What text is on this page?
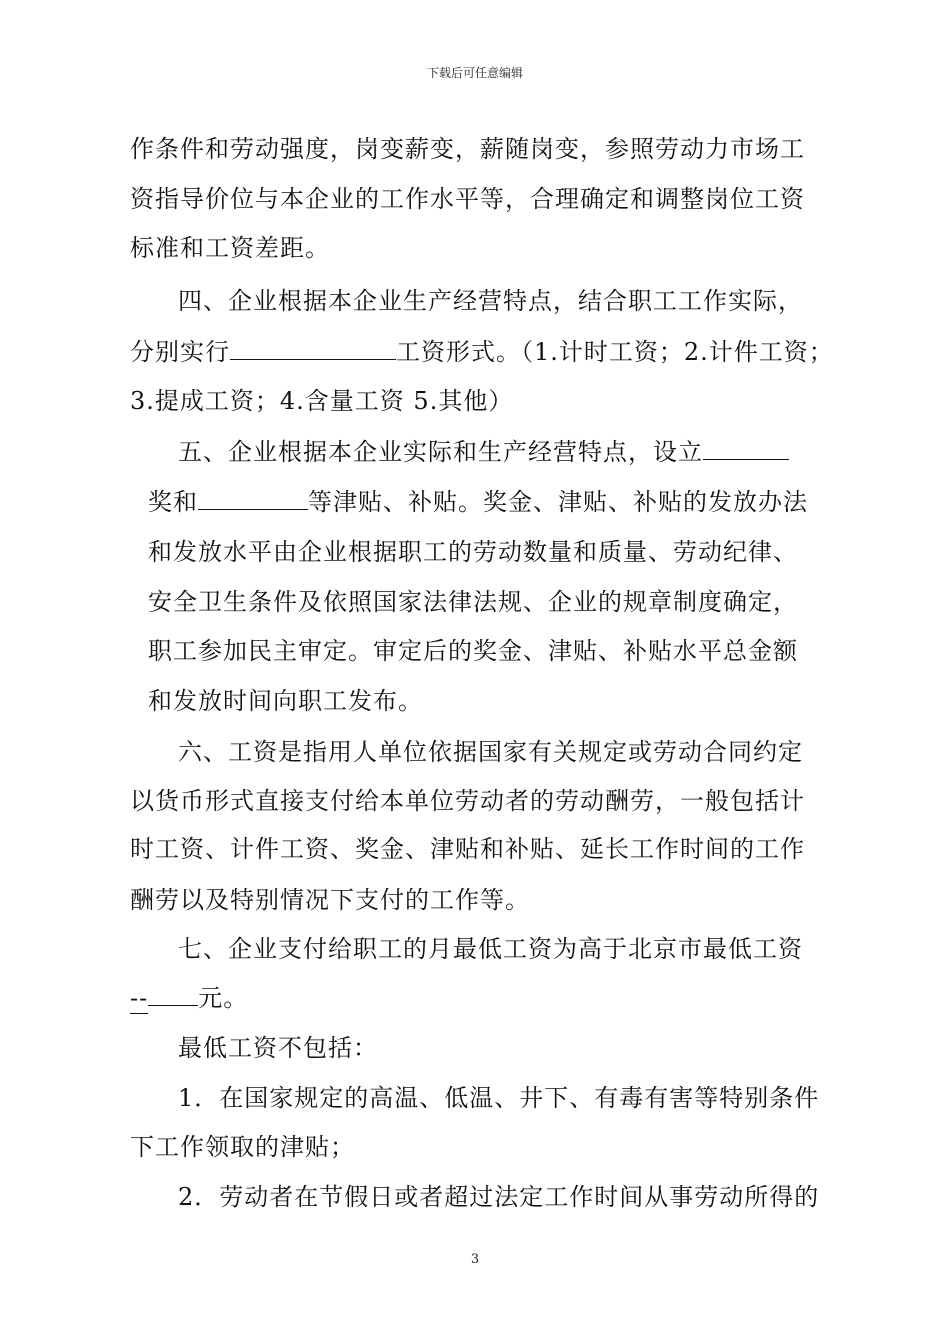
下载后可任意编辑
作条件和劳动强度，岗变薪变，薪随岗变，参照劳动力市场工
资指导价位与本企业的工作水平等，合理确定和调整岗位工资
标准和工资差距。
四、企业根据本企业生产经营特点，结合职工工作实际，
分别实行	工资形式。（1.计时工资；2.计件工资；
3.提成工资；4.含量工资 5.其他）
五、企业根据本企业实际和生产经营特点，设立
奖和	等津贴、补贴。奖金、津贴、补贴的发放办法
和发放水平由企业根据职工的劳动数量和质量、劳动纪律、
安全卫生条件及依照国家法律法规、企业的规章制度确定，
职工参加民主审定。审定后的奖金、津贴、补贴水平总金额
和发放时间向职工发布。
六、工资是指用人单位依据国家有关规定或劳动合同约定
以货币形式直接支付给本单位劳动者的劳动酬劳，一般包括计
时工资、计件工资、奖金、津贴和补贴、延长工作时间的工作
酬劳以及特别情况下支付的工作等。
七、企业支付给职工的月最低工资为高于北京市最低工资
-- 元。
最低工资不包括：
1．在国家规定的高温、低温、井下、有毒有害等特别条件
下工作领取的津贴；
2．劳动者在节假日或者超过法定工作时间从事劳动所得的
3
